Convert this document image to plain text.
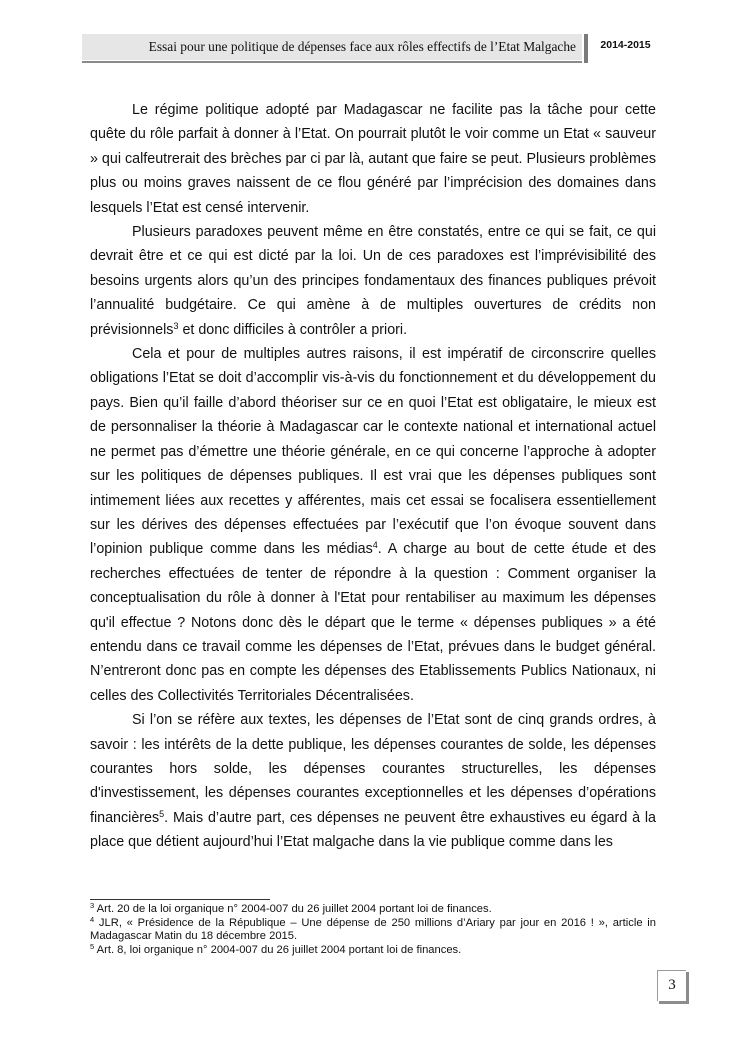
Essai pour une politique de dépenses face aux rôles effectifs de l’Etat Malgache	2014-2015

Le régime politique adopté par Madagascar ne facilite pas la tâche pour cette quête du rôle parfait à donner à l’Etat. On pourrait plutôt le voir comme un Etat « sauveur » qui calfeutrerait des brèches par ci par là, autant que faire se peut. Plusieurs problèmes plus ou moins graves naissent de ce flou généré par l’imprécision des domaines dans lesquels l’Etat est censé intervenir.

Plusieurs paradoxes peuvent même en être constatés, entre ce qui se fait, ce qui devrait être et ce qui est dicté par la loi. Un de ces paradoxes est l’imprévisibilité des besoins urgents alors qu’un des principes fondamentaux des finances publiques prévoit l’annualité budgétaire. Ce qui amène à de multiples ouvertures de crédits non prévisionnels$^3$ et donc difficiles à contrôler a priori.

Cela et pour de multiples autres raisons, il est impératif de circonscrire quelles obligations l’Etat se doit d’accomplir vis-à-vis du fonctionnement et du développement du pays. Bien qu’il faille d’abord théoriser sur ce en quoi l’Etat est obligataire, le mieux est de personnaliser la théorie à Madagascar car le contexte national et international actuel ne permet pas d’émettre une théorie générale, en ce qui concerne l’approche à adopter sur les politiques de dépenses publiques. Il est vrai que les dépenses publiques sont intimement liées aux recettes y afférentes, mais cet essai se focalisera essentiellement sur les dérives des dépenses effectuées par l’exécutif que l’on évoque souvent dans l’opinion publique comme dans les médias$^4$. A charge au bout de cette étude et des recherches effectuées de tenter de répondre à la question : Comment organiser la conceptualisation du rôle à donner à l'Etat pour rentabiliser au maximum les dépenses qu'il effectue ? Notons donc dès le départ que le terme « dépenses publiques » a été entendu dans ce travail comme les dépenses de l’Etat, prévues dans le budget général. N’entreront donc pas en compte les dépenses des Etablissements Publics Nationaux, ni celles des Collectivités Territoriales Décentralisées.

Si l’on se réfère aux textes, les dépenses de l’Etat sont de cinq grands ordres, à savoir : les intérêts de la dette publique, les dépenses courantes de solde, les dépenses courantes hors solde, les dépenses courantes structurelles, les dépenses d'investissement, les dépenses courantes exceptionnelles et les dépenses d’opérations financières$^5$. Mais d’autre part, ces dépenses ne peuvent être exhaustives eu égard à la place que détient aujourd’hui l’Etat malgache dans la vie publique comme dans les

$^3$ Art. 20 de la loi organique n° 2004-007 du 26 juillet 2004 portant loi de finances.

$^4$ JLR, « Présidence de la République – Une dépense de 250 millions d’Ariary par jour en 2016 ! », article in Madagascar Matin du 18 décembre 2015.

$^5$ Art. 8, loi organique n° 2004-007 du 26 juillet 2004 portant loi de finances.

3
